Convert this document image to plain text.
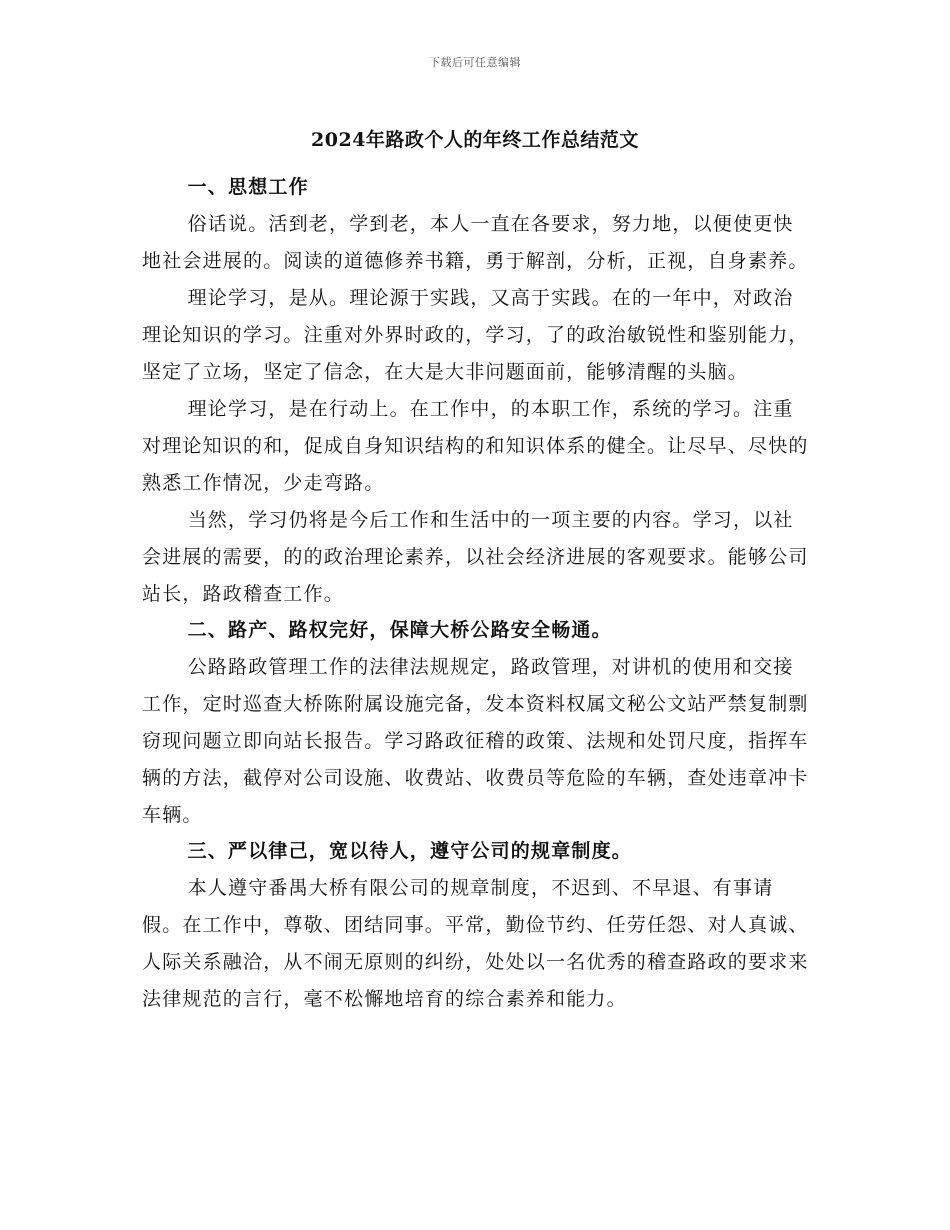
下载后可任意编辑
2024年路政个人的年终工作总结范文
一、思想工作

俗话说。活到老，学到老，本人一直在各要求，努力地，以便使更快地社会进展的。阅读的道德修养书籍，勇于解剖，分析，正视，自身素养。

理论学习，是从。理论源于实践，又高于实践。在的一年中，对政治理论知识的学习。注重对外界时政的，学习，了的政治敏锐性和鉴别能力，坚定了立场，坚定了信念，在大是大非问题面前，能够清醒的头脑。

理论学习，是在行动上。在工作中，的本职工作，系统的学习。注重对理论知识的和，促成自身知识结构的和知识体系的健全。让尽早、尽快的熟悉工作情况，少走弯路。

当然，学习仍将是今后工作和生活中的一项主要的内容。学习，以社会进展的需要，的的政治理论素养，以社会经济进展的客观要求。能够公司站长，路政稽查工作。

二、路产、路权完好，保障大桥公路安全畅通。

公路路政管理工作的法律法规规定，路政管理，对讲机的使用和交接工作，定时巡查大桥陈附属设施完备，发本资料权属文秘公文站严禁复制剽窃现问题立即向站长报告。学习路政征稽的政策、法规和处罚尺度，指挥车辆的方法，截停对公司设施、收费站、收费员等危险的车辆，查处违章冲卡车辆。

三、严以律己，宽以待人，遵守公司的规章制度。

本人遵守番禺大桥有限公司的规章制度，不迟到、不早退、有事请假。在工作中，尊敬、团结同事。平常，勤俭节约、任劳任怨、对人真诚、人际关系融洽，从不闹无原则的纠纷，处处以一名优秀的稽查路政的要求来法律规范的言行，毫不松懈地培育的综合素养和能力。
